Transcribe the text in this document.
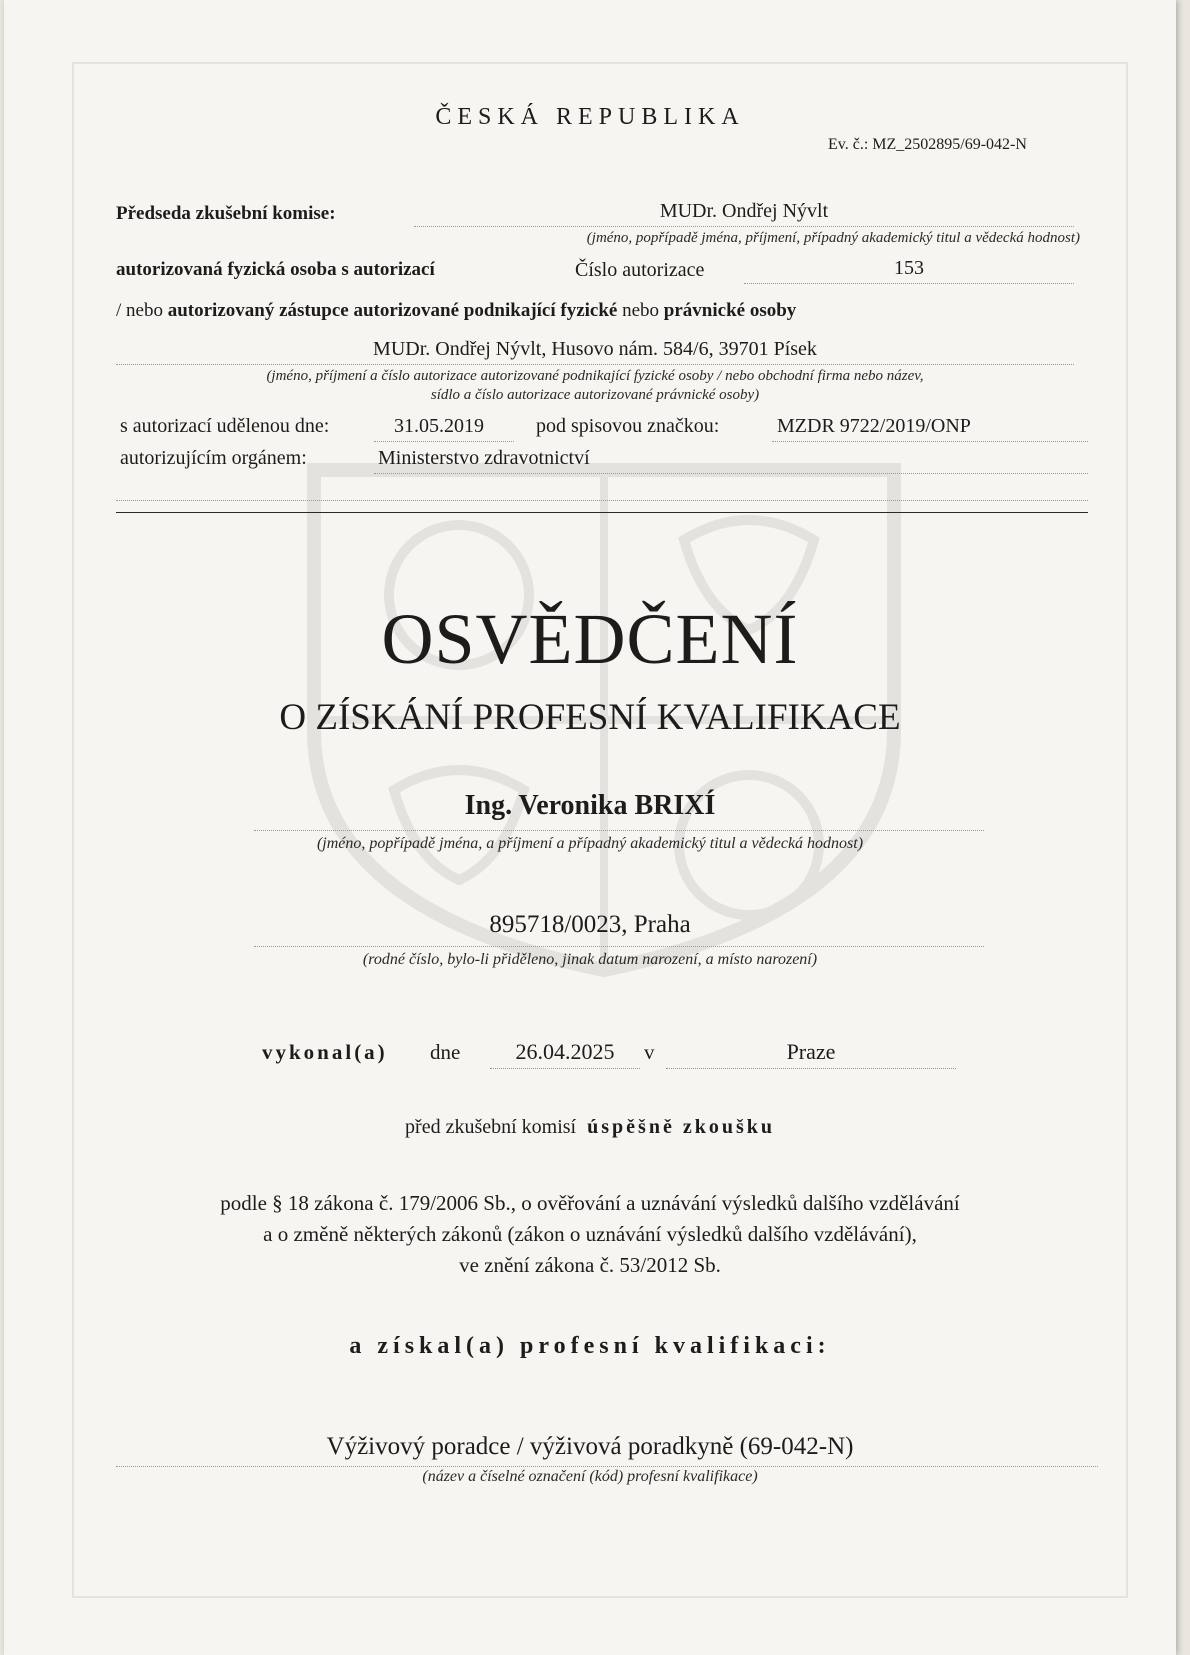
ČESKÁ REPUBLIKA
Ev. č.: MZ_2502895/69-042-N
Předseda zkušební komise:	MUDr. Ondřej Nývlt
(jméno, popřípadě jména, příjmení, případný akademický titul a vědecká hodnost)
autorizovaná fyzická osoba s autorizací	Číslo autorizace	153
/ nebo autorizovaný zástupce autorizované podnikající fyzické nebo právnické osoby
MUDr. Ondřej Nývlt, Husovo nám. 584/6, 39701 Písek
(jméno, příjmení a číslo autorizace autorizované podnikající fyzické osoby / nebo obchodní firma nebo název,
sídlo a číslo autorizace autorizované právnické osoby)
s autorizací udělenou dne:	31.05.2019	pod spisovou značkou:	MZDR 9722/2019/ONP
autorizujícím orgánem:	Ministerstvo zdravotnictví
OSVĚDČENÍ
O ZÍSKÁNÍ PROFESNÍ KVALIFIKACE
Ing. Veronika BRIXÍ
(jméno, popřípadě jména, a příjmení a případný akademický titul a vědecká hodnost)
895718/0023, Praha
(rodné číslo, bylo-li přiděleno, jinak datum narození, a místo narození)
vykonal(a) dne	26.04.2025	v	Praze
před zkušební komisí úspěšně zkoušku
podle § 18 zákona č. 179/2006 Sb., o ověřování a uznávání výsledků dalšího vzdělávání
a o změně některých zákonů (zákon o uznávání výsledků dalšího vzdělávání),
ve znění zákona č. 53/2012 Sb.
a získal(a) profesní kvalifikaci:
Výživový poradce / výživová poradkyně (69-042-N)
(název a číselné označení (kód) profesní kvalifikace)
